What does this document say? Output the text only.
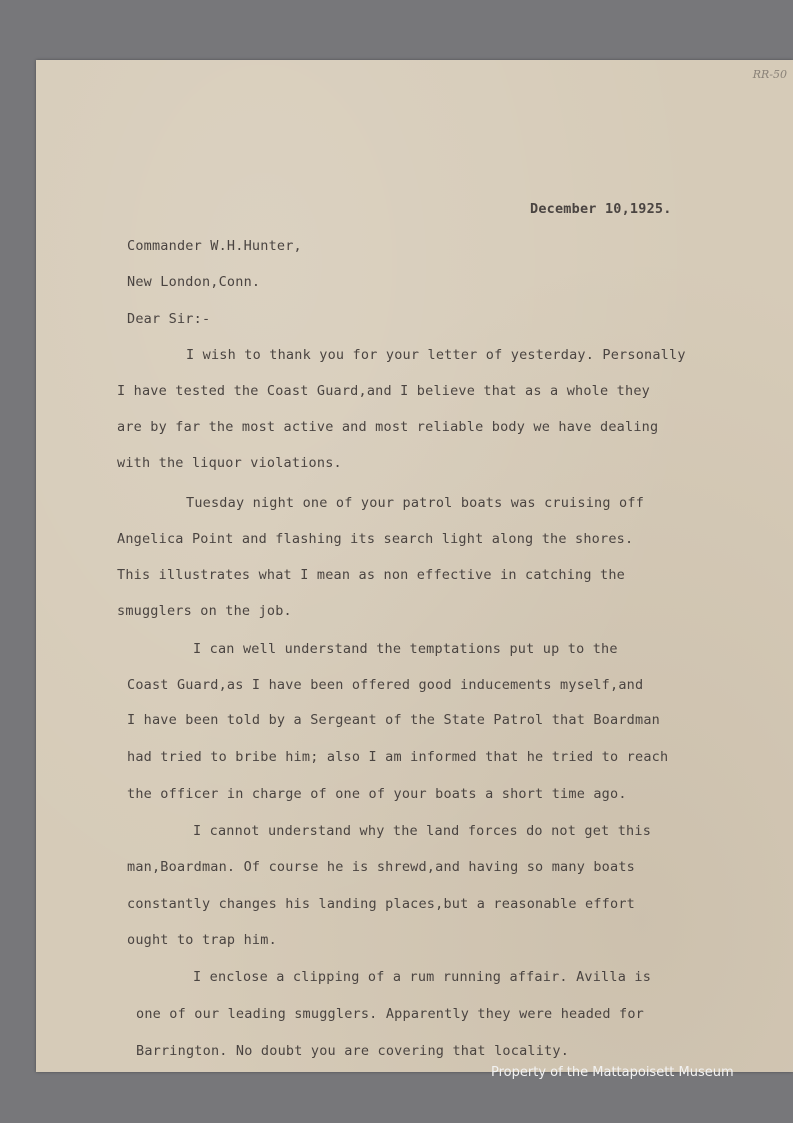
RR-50
December 10,1925.
Commander W.H.Hunter,
New London,Conn.
Dear Sir:-
I wish to thank you for your letter of yesterday. Personally
I have tested the Coast Guard,and I believe that as a whole they
are by far the most active and most reliable body we have dealing
with the liquor violations.
Tuesday night one of your patrol boats was cruising off
Angelica Point and flashing its search light along the shores.
This illustrates what I mean as non effective in catching the
smugglers on the job.
I can well understand the temptations put up to the
Coast Guard,as I have been offered good inducements myself,and
I have been told by a Sergeant of the State Patrol that Boardman
had tried to bribe him; also I am informed that he tried to reach
the officer in charge of one of your boats a short time ago.
I cannot understand why the land forces do not get this
man,Boardman. Of course he is shrewd,and having so many boats
constantly changes his landing places,but a reasonable effort
ought to trap him.
I enclose a clipping of a rum running affair. Avilla is
one of our leading smugglers. Apparently they were headed for
Barrington. No doubt you are covering that locality.
Property of the Mattapoisett Museum
